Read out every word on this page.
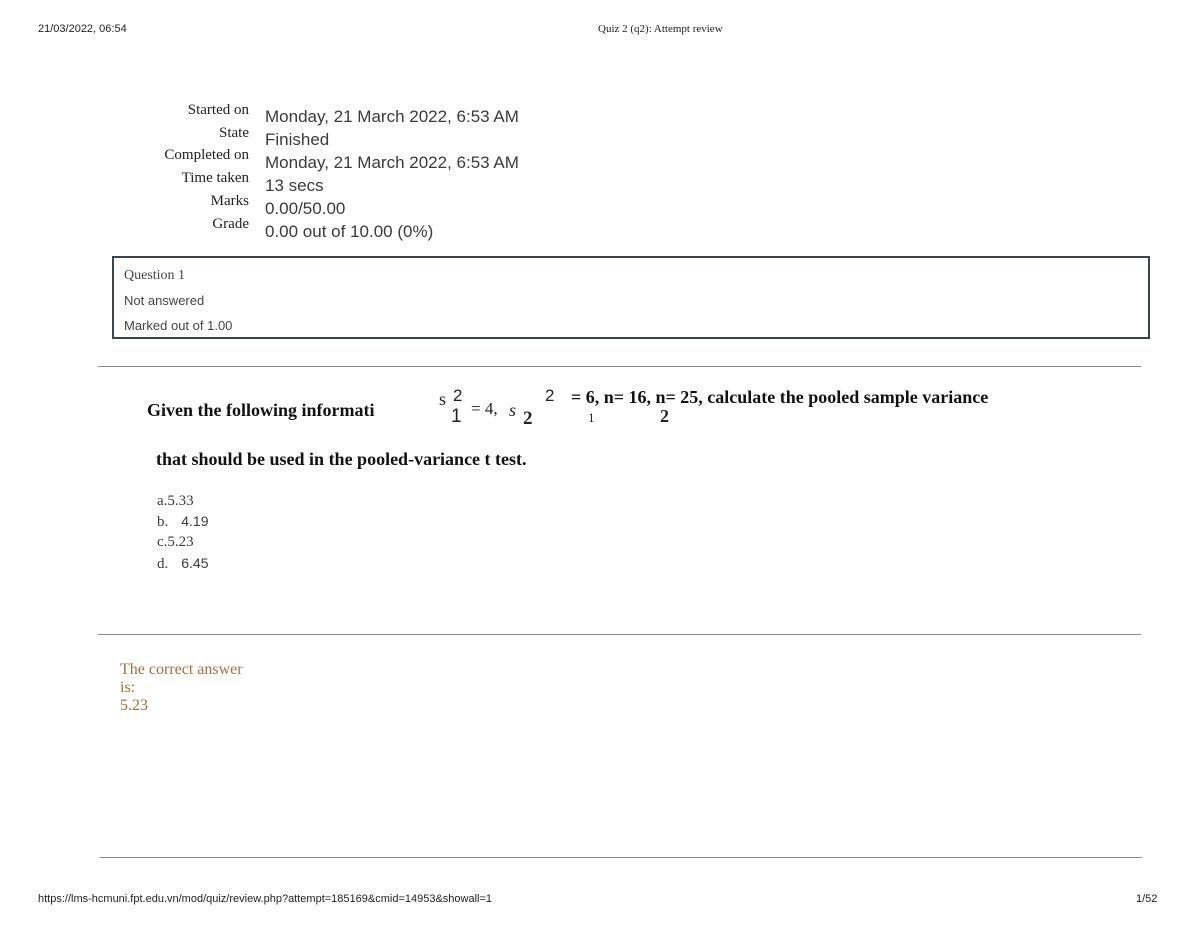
21/03/2022, 06:54	Quiz 2 (q2): Attempt review
Started on Monday, 21 March 2022, 6:53 AM
State Finished
Completed on Monday, 21 March 2022, 6:53 AM
Time taken 13 secs
Marks 0.00/50.00
Grade 0.00 out of 10.00 (0%)
Question 1
Not answered
Marked out of 1.00
Given the following informati
s 2
1 = 4, s 2
2 = 6, n= 16, n= 25, calculate the pooled sample variance
1	2
that should be used in the pooled-variance t test.
a.5.33
b. 4.19
c.5.23
d. 6.45
The correct answer
is:
5.23
https://lms-hcmuni.fpt.edu.vn/mod/quiz/review.php?attempt=185169&cmid=14953&showall=1	1/52
